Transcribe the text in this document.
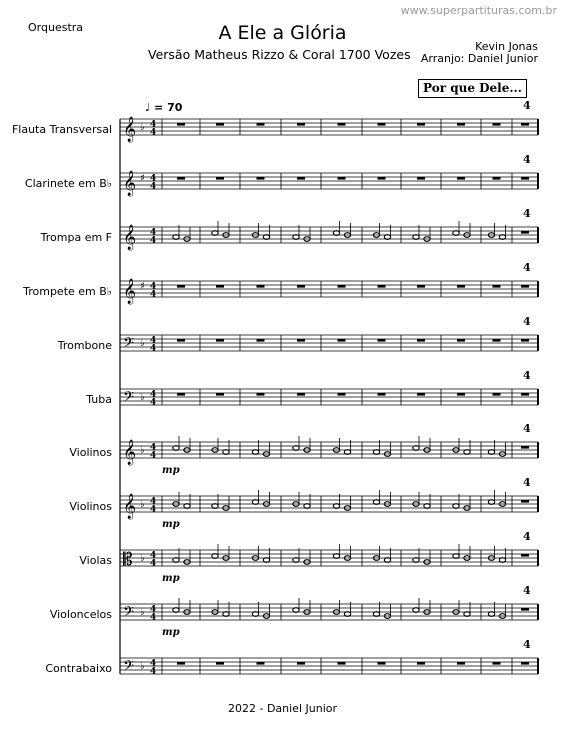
www.superpartituras.com.br
Orquestra	A Ele a Glória
Versão Matheus Rizzo & Coral 1700 Vozes
Kevin Jonas
Arranjo: Daniel Junior
Por que Dele...
2022 - Daniel Junior
Flauta Transversal
Clarinete em B♭
Trompa em F
Trompete em B♭
Trombone
Tuba
Violinos
Violinos
Violas
Violoncelos
Contrabaixo
♩ = 70
𝄞 ♭ 4
4
4
𝄞 ♯ 4
4
4
𝄞 4
4
4
𝄞 ♯ 4
4
4
𝄢 ♭ 4
4
4
𝄢 ♭ 4
4
4
𝄞 ♭ 4
4
4
mp
𝄞 ♭ 4
4
4
mp
𝄡 ♭ 4
4
4
mp
𝄢 ♭ 4
4
4
mp
𝄢 ♭ 4
4
4
